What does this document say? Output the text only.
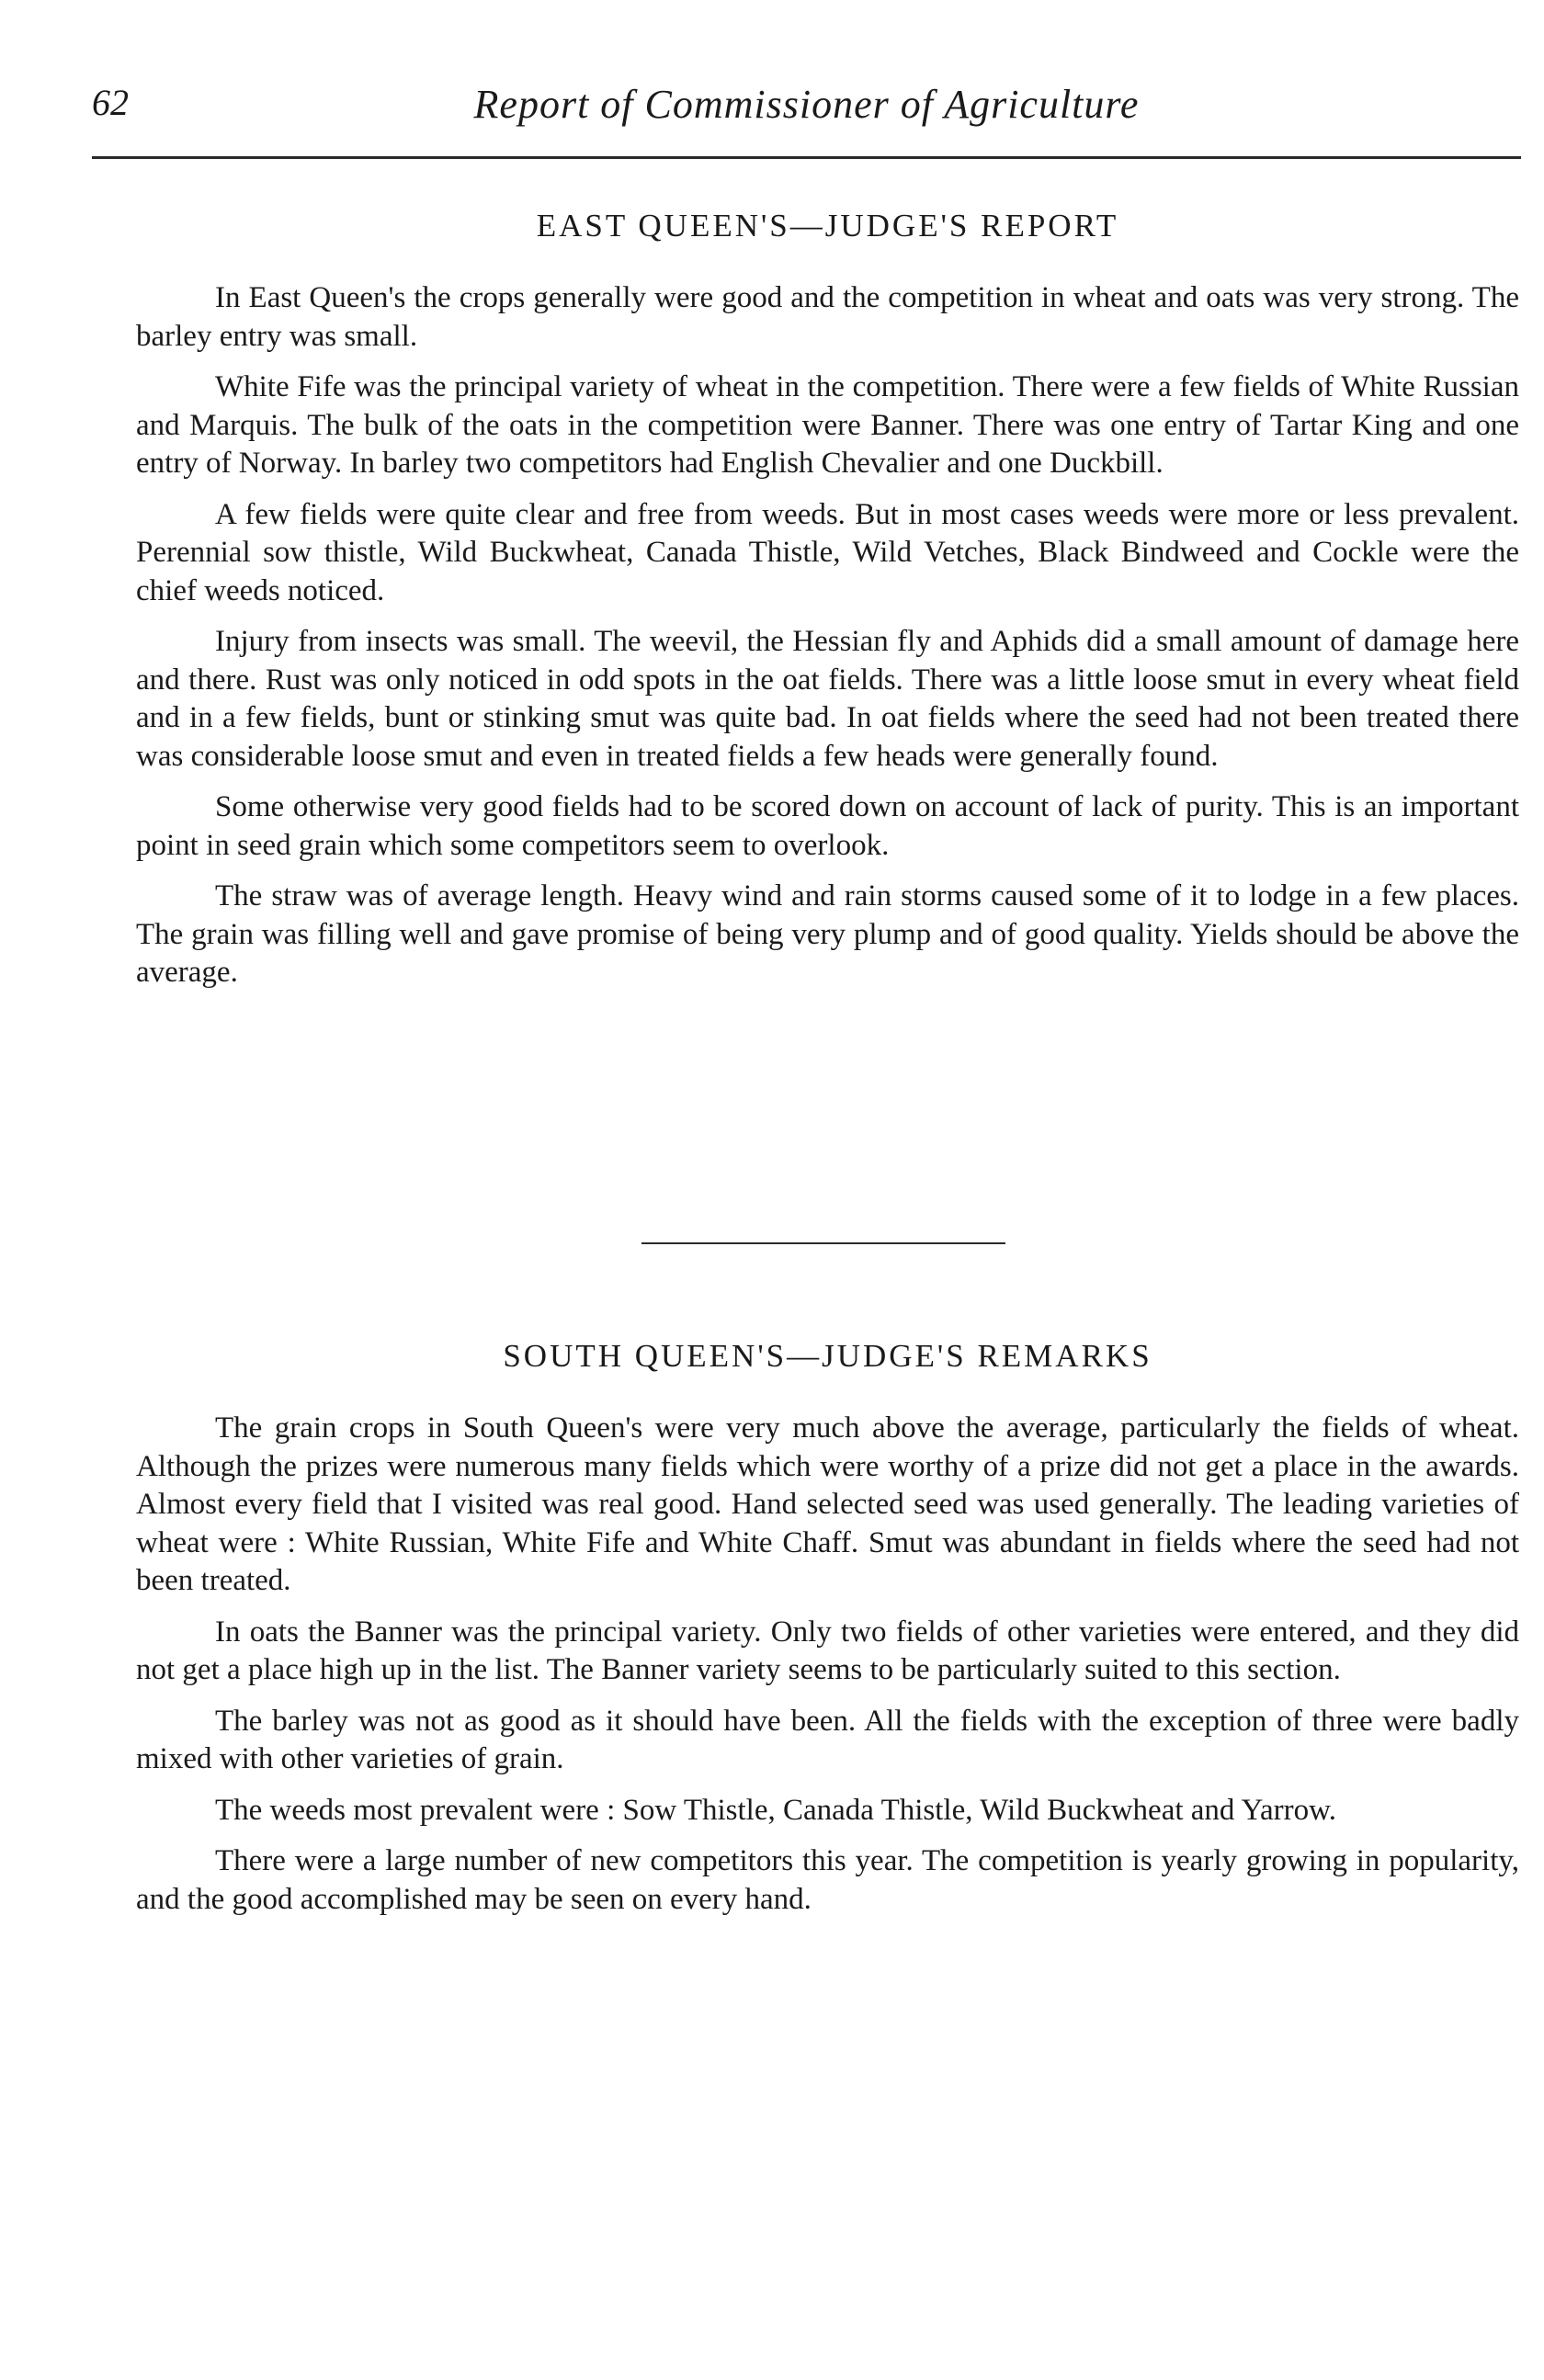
Report of Commissioner of Agriculture
62
EAST QUEEN'S—JUDGE'S REPORT

In East Queen's the crops generally were good and the competition in wheat and oats was very strong. The barley entry was small.

White Fife was the principal variety of wheat in the competition. There were a few fields of White Russian and Marquis. The bulk of the oats in the competition were Banner. There was one entry of Tartar King and one entry of Norway. In barley two competitors had English Chevalier and one Duckbill.

A few fields were quite clear and free from weeds. But in most cases weeds were more or less prevalent. Perennial sow thistle, Wild Buckwheat, Canada Thistle, Wild Vetches, Black Bindweed and Cockle were the chief weeds noticed.

Injury from insects was small. The weevil, the Hessian fly and Aphids did a small amount of damage here and there. Rust was only noticed in odd spots in the oat fields. There was a little loose smut in every wheat field and in a few fields, bunt or stinking smut was quite bad. In oat fields where the seed had not been treated there was considerable loose smut and even in treated fields a few heads were generally found.

Some otherwise very good fields had to be scored down on account of lack of purity. This is an important point in seed grain which some competitors seem to overlook.

The straw was of average length. Heavy wind and rain storms caused some of it to lodge in a few places. The grain was filling well and gave promise of being very plump and of good quality. Yields should be above the average.

SOUTH QUEEN'S—JUDGE'S REMARKS

The grain crops in South Queen's were very much above the average, particularly the fields of wheat. Although the prizes were numerous many fields which were worthy of a prize did not get a place in the awards. Almost every field that I visited was real good. Hand selected seed was used generally. The leading varieties of wheat were : White Russian, White Fife and White Chaff. Smut was abundant in fields where the seed had not been treated.

In oats the Banner was the principal variety. Only two fields of other varieties were entered, and they did not get a place high up in the list. The Banner variety seems to be particularly suited to this section.

The barley was not as good as it should have been. All the fields with the exception of three were badly mixed with other varieties of grain.

The weeds most prevalent were : Sow Thistle, Canada Thistle, Wild Buckwheat and Yarrow.

There were a large number of new competitors this year. The competition is yearly growing in popularity, and the good accomplished may be seen on every hand.
